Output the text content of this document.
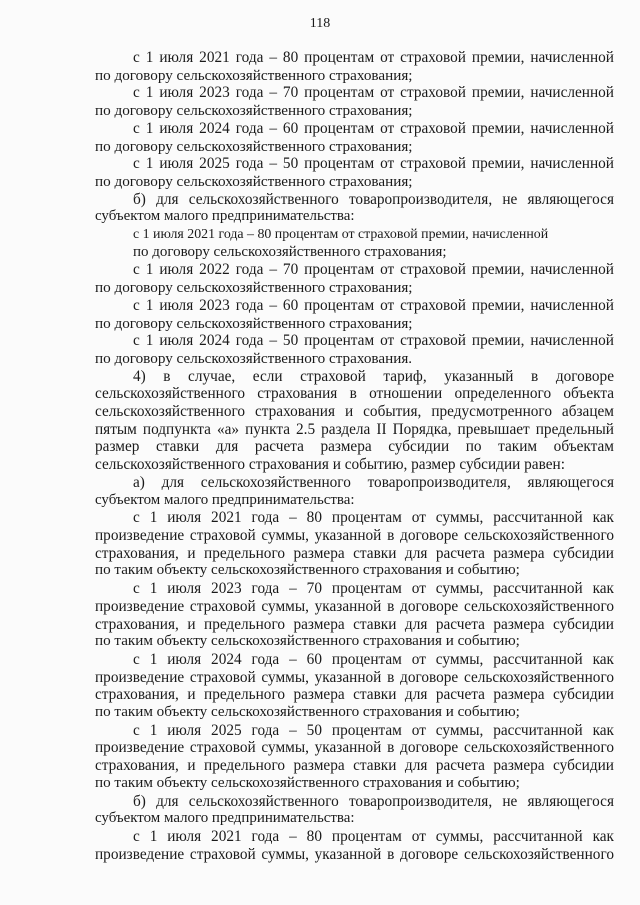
118
с 1 июля 2021 года – 80 процентам от страховой премии, начисленной
по договору сельскохозяйственного страхования;
с 1 июля 2023 года – 70 процентам от страховой премии, начисленной
по договору сельскохозяйственного страхования;
с 1 июля 2024 года – 60 процентам от страховой премии, начисленной
по договору сельскохозяйственного страхования;
с 1 июля 2025 года – 50 процентам от страховой премии, начисленной
по договору сельскохозяйственного страхования;
б) для сельскохозяйственного товаропроизводителя, не являющегося
субъектом малого предпринимательства:
с 1 июля 2021 года – 80 процентам от страховой премии, начисленной
по договору сельскохозяйственного страхования;
с 1 июля 2022 года – 70 процентам от страховой премии, начисленной
по договору сельскохозяйственного страхования;
с 1 июля 2023 года – 60 процентам от страховой премии, начисленной
по договору сельскохозяйственного страхования;
с 1 июля 2024 года – 50 процентам от страховой премии, начисленной
по договору сельскохозяйственного страхования.
4) в случае, если страховой тариф, указанный в договоре
сельскохозяйственного страхования в отношении определенного объекта
сельскохозяйственного страхования и события, предусмотренного абзацем
пятым подпункта «а» пункта 2.5 раздела II Порядка, превышает предельный
размер ставки для расчета размера субсидии по таким объектам
сельскохозяйственного страхования и событию, размер субсидии равен:
а) для сельскохозяйственного товаропроизводителя, являющегося
субъектом малого предпринимательства:
с 1 июля 2021 года – 80 процентам от суммы, рассчитанной как
произведение страховой суммы, указанной в договоре сельскохозяйственного
страхования, и предельного размера ставки для расчета размера субсидии
по таким объекту сельскохозяйственного страхования и событию;
с 1 июля 2023 года – 70 процентам от суммы, рассчитанной как
произведение страховой суммы, указанной в договоре сельскохозяйственного
страхования, и предельного размера ставки для расчета размера субсидии
по таким объекту сельскохозяйственного страхования и событию;
с 1 июля 2024 года – 60 процентам от суммы, рассчитанной как
произведение страховой суммы, указанной в договоре сельскохозяйственного
страхования, и предельного размера ставки для расчета размера субсидии
по таким объекту сельскохозяйственного страхования и событию;
с 1 июля 2025 года – 50 процентам от суммы, рассчитанной как
произведение страховой суммы, указанной в договоре сельскохозяйственного
страхования, и предельного размера ставки для расчета размера субсидии
по таким объекту сельскохозяйственного страхования и событию;
б) для сельскохозяйственного товаропроизводителя, не являющегося
субъектом малого предпринимательства:
с 1 июля 2021 года – 80 процентам от суммы, рассчитанной как
произведение страховой суммы, указанной в договоре сельскохозяйственного
